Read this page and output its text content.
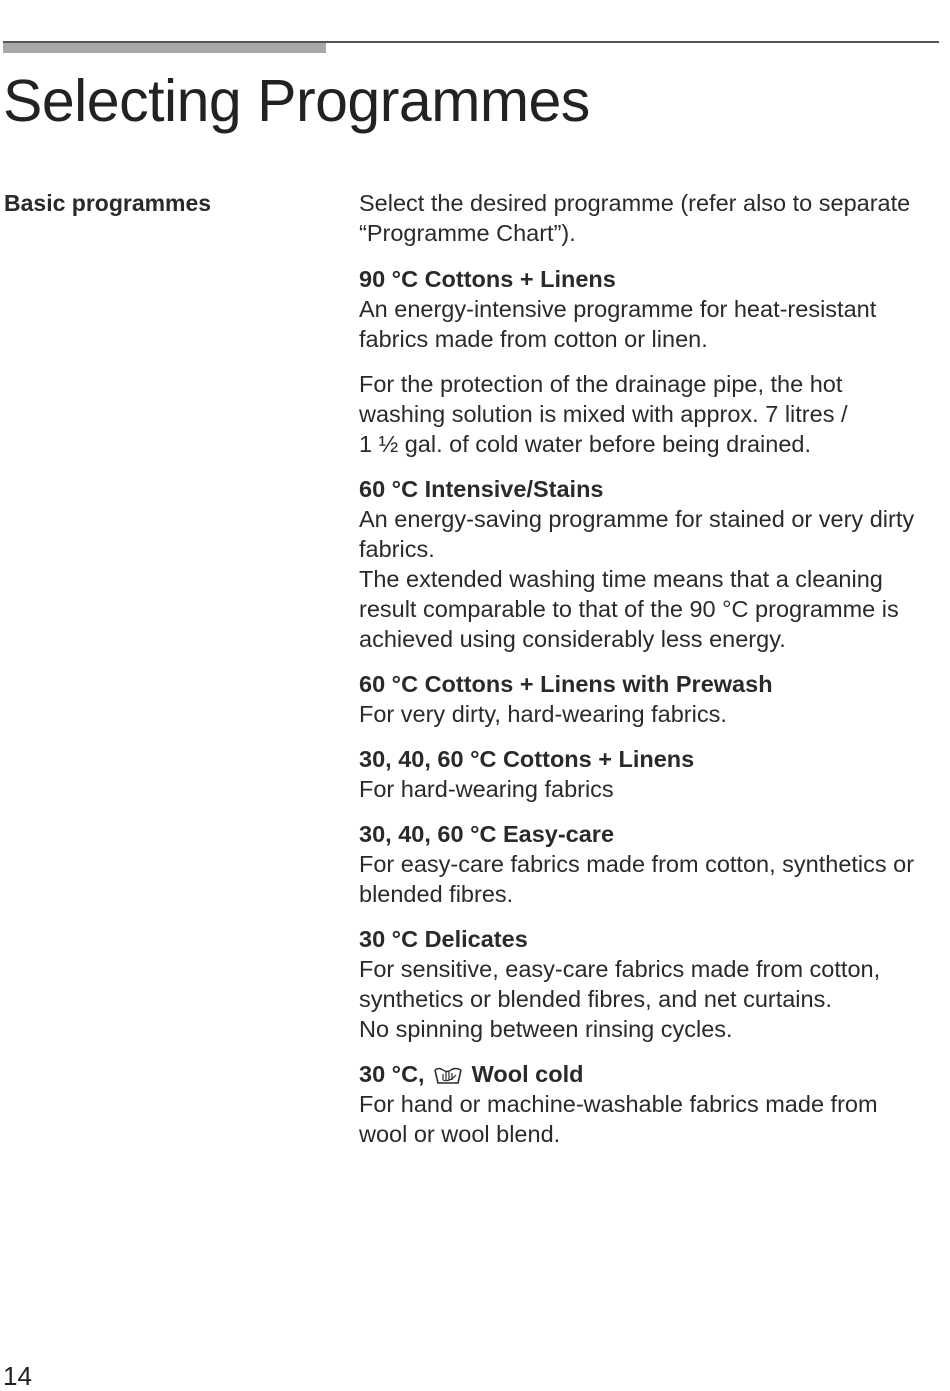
Selecting Programmes
Basic programmes	Select the desired programme (refer also to separate
“Programme Chart”).

90 °C Cottons + Linens

An energy-intensive programme for heat-resistant
fabrics made from cotton or linen.

For the protection of the drainage pipe, the hot
washing solution is mixed with approx. 7 litres /
1 ½ gal. of cold water before being drained.

60 °C Intensive/Stains

An energy-saving programme for stained or very dirty
fabrics.
The extended washing time means that a cleaning
result comparable to that of the 90 °C programme is
achieved using considerably less energy.

60 °C Cottons + Linens with Prewash

For very dirty, hard-wearing fabrics.

30, 40, 60 °C Cottons + Linens

For hard-wearing fabrics

30, 40, 60 °C Easy-care

For easy-care fabrics made from cotton, synthetics or
blended fibres.

30 °C Delicates

For sensitive, easy-care fabrics made from cotton,
synthetics or blended fibres, and net curtains.
No spinning between rinsing cycles.

30 °C, Wool cold

For hand or machine-washable fabrics made from
wool or wool blend.

14
